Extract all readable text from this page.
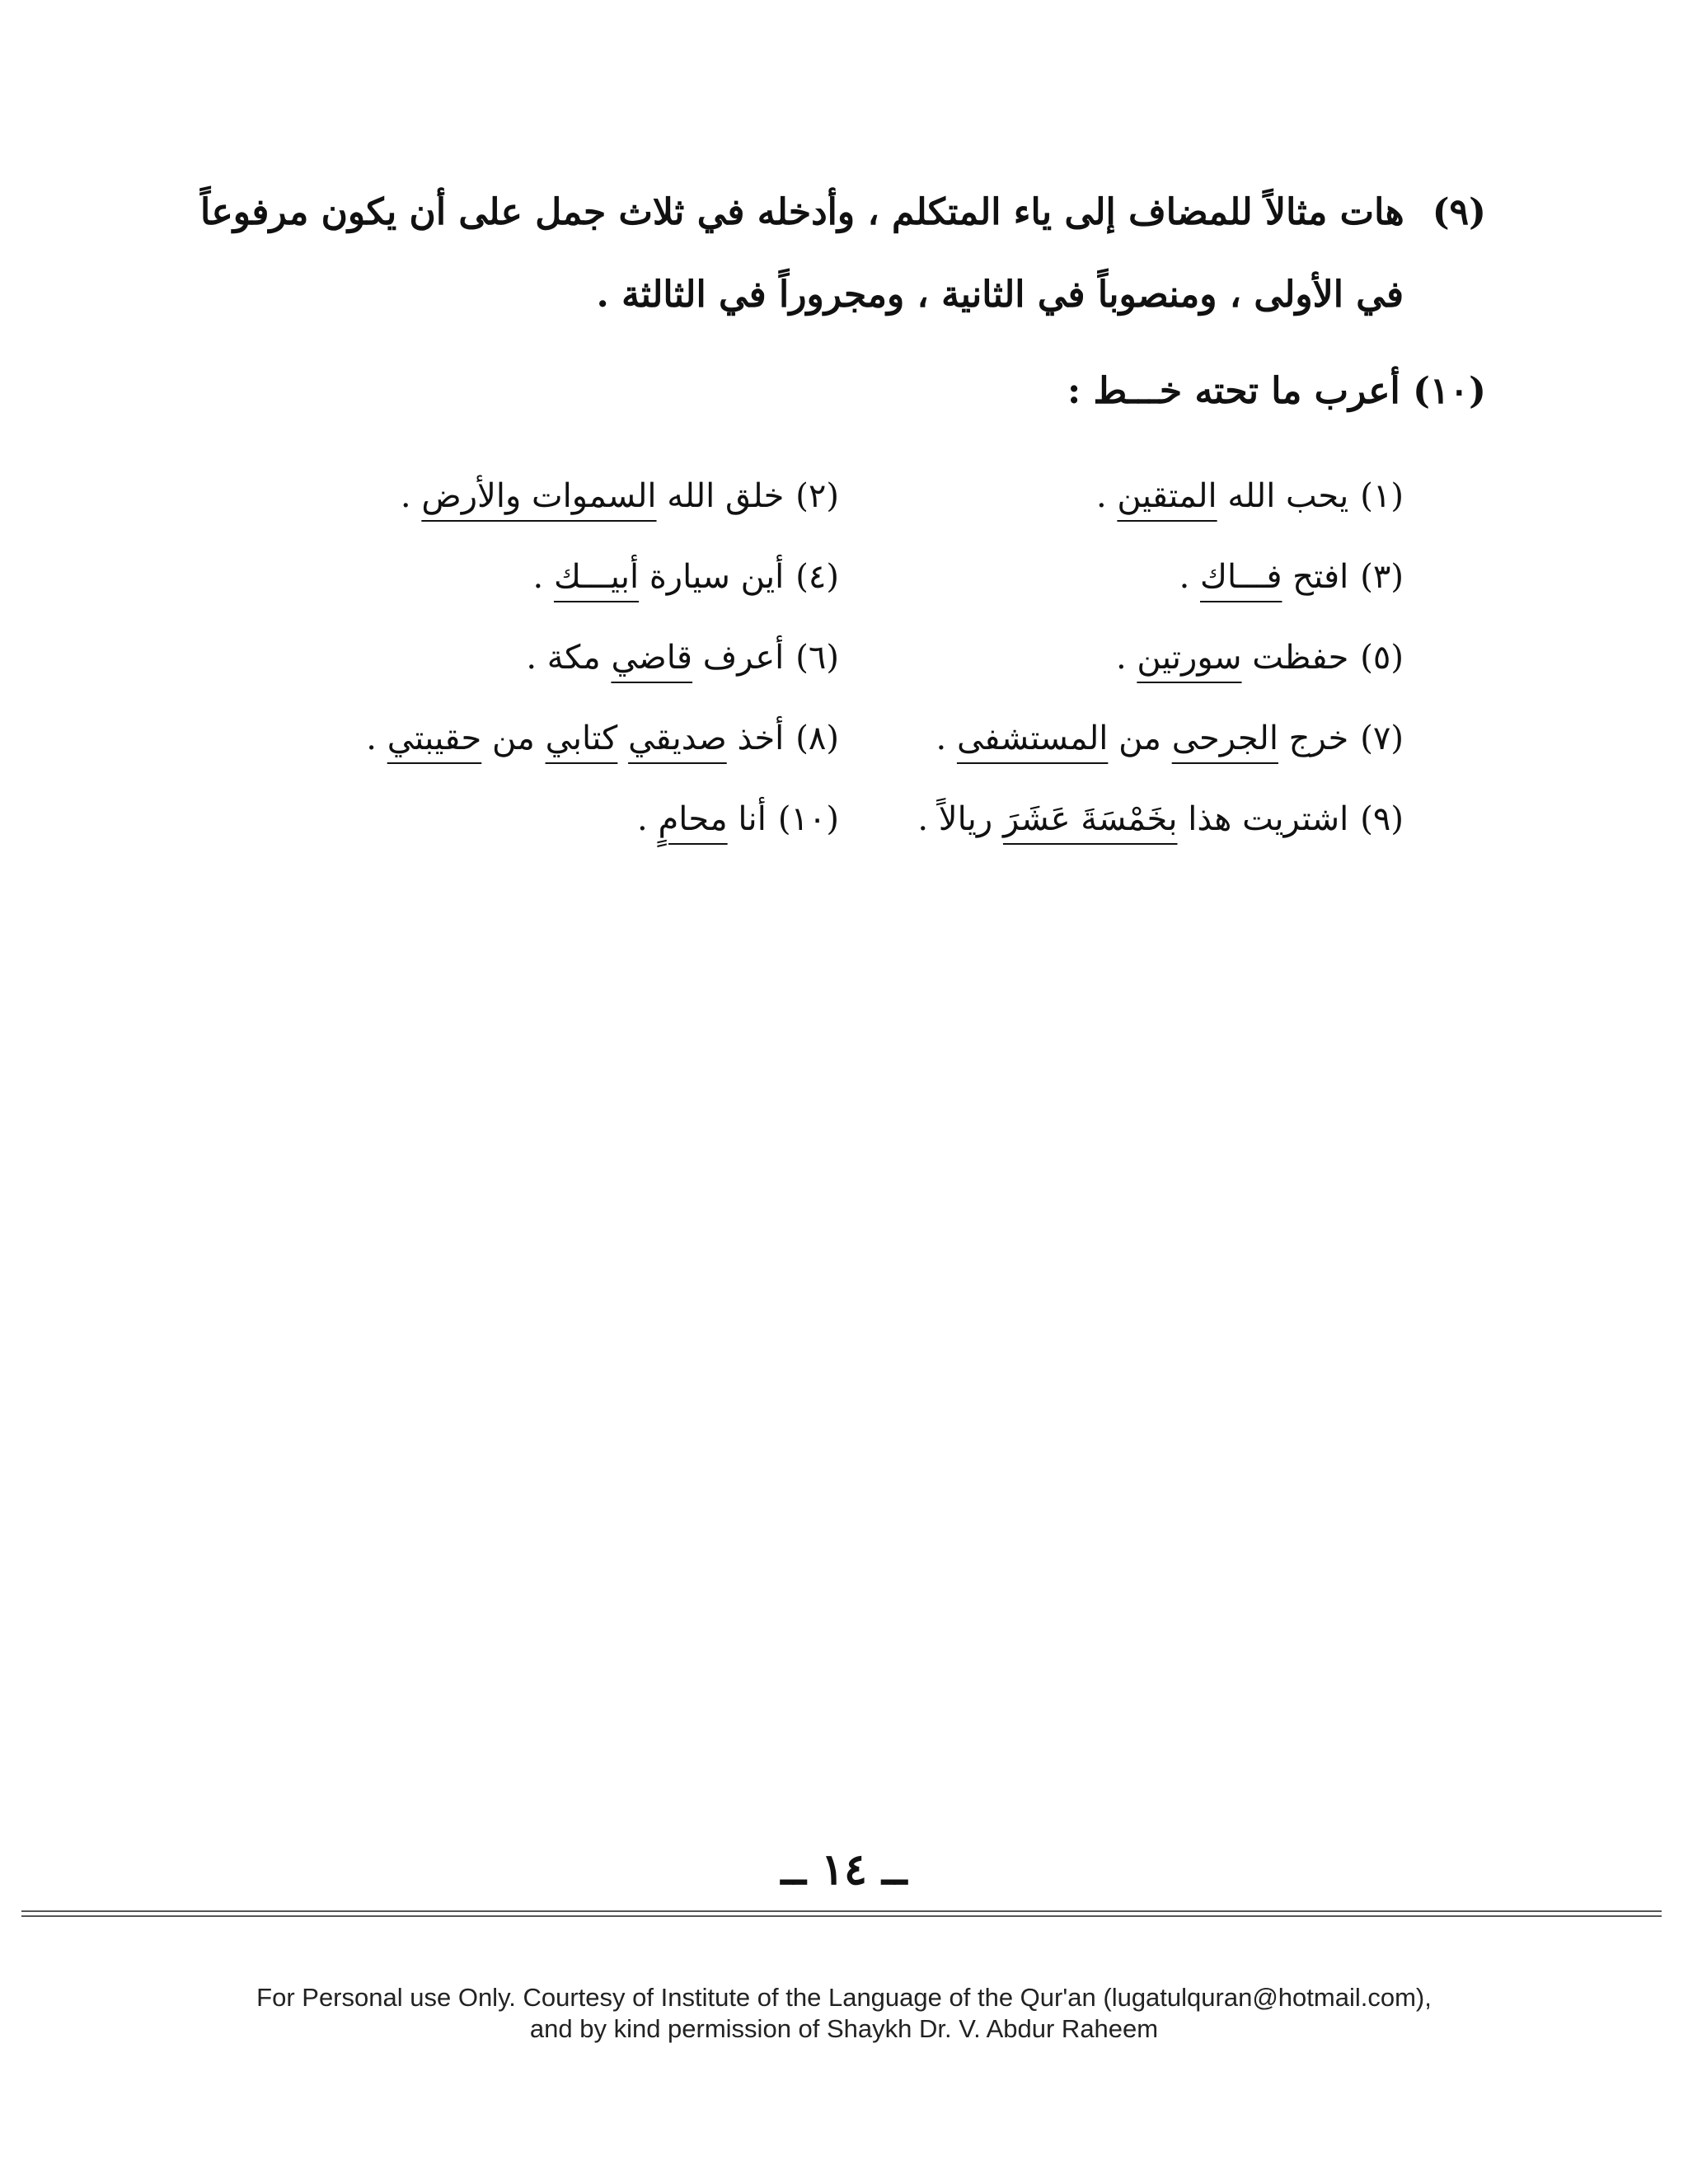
(٩)هات مثالاً للمضاف إلى ياء المتكلم ، وأدخله في ثلاث جمل على أن يكون مرفوعاً
في الأولى ، ومنصوباً في الثانية ، ومجروراً في الثالثة .
(١٠) أعرب ما تحته خـــط :
(١)يحب الله المتقين .
(٣)افتح فـــاك .
(٥)حفظت سورتين .
(٧)خرج الجرحى من المستشفى .
(٩)اشتريت هذا بخَمْسَةَ عَشَرَ ريالاً .
(٢)خلق الله السموات والأرض .
(٤)أين سيارة أبيـــك .
(٦)أعرف قاضي مكة .
(٨)أخذ صديقي كتابي من حقيبتي .
(١٠)أنا محامٍ .
ــ ١٤ ــ
For Personal use Only. Courtesy of Institute of the Language of the Qur'an (lugatulquran@hotmail.com),
and by kind permission of Shaykh Dr. V. Abdur Raheem
